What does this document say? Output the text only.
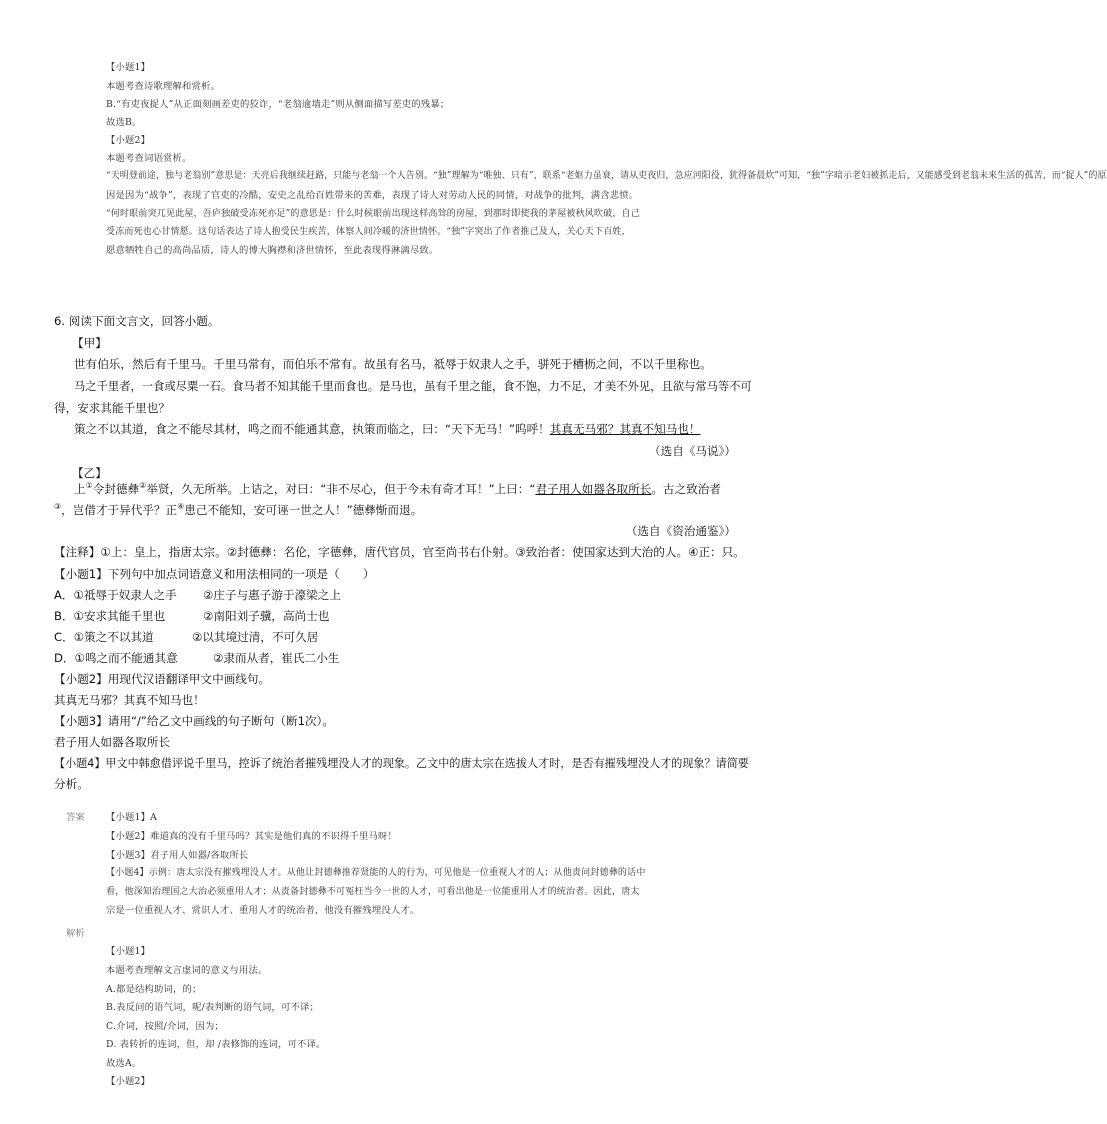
【小题1】
本题考查诗歌理解和赏析。
B.“有吏夜捉人”从正面刻画差吏的狡诈，“老翁逾墙走”则从侧面描写差吏的残暴；
故选B。
【小题2】
本题考查词语赏析。
“天明登前途，独与老翁别”意思是：天亮后我继续赶路，只能与老翁一个人告别。“独”理解为“唯独、只有”，联系“老妪力虽衰，请从吏夜归，急应河阳役，犹得备晨炊”可知，“独”字暗示老妇被抓走后，又能感受到老翁未来生活的孤苦，而“捉人”的原
因是因为“战争”，表现了官吏的冷酷，安史之乱给百姓带来的苦难，表现了诗人对劳动人民的同情，对战争的批判，满含悲愤。
“何时眼前突兀见此屋，吾庐独破受冻死亦足”的意思是：什么时候眼前出现这样高耸的房屋，到那时即使我的茅屋被秋风吹破，自己
受冻而死也心甘情愿。这句话表达了诗人抱受民生疾苦，体察人间冷暖的济世情怀。“独”字突出了作者推己及人，关心天下百姓，
愿意牺牲自己的高尚品质，诗人的博大胸襟和济世情怀，至此表现得淋漓尽致。
6. 阅读下面文言文，回答小题。
【甲】
世有伯乐，然后有千里马。千里马常有，而伯乐不常有。故虽有名马，祗辱于奴隶人之手，骈死于槽枥之间，不以千里称也。
马之千里者，一食或尽粟一石。食马者不知其能千里而食也。是马也，虽有千里之能，食不饱，力不足，才美不外见，且欲与常马等不可
得，安求其能千里也？
策之不以其道，食之不能尽其材，鸣之而不能通其意，执策而临之，曰：“天下无马！”呜呼！其真无马邪？其真不知马也！
（选自《马说》）
【乙】
上①令封德彝②举贤，久无所举。上诘之，对曰：“非不尽心，但于今未有奇才耳！”上曰：“君子用人如器各取所长。古之致治者
③，岂借才于异代乎？正④患己不能知，安可诬一世之人！”德彝惭而退。
（选自《资治通鉴》）
【注释】①上：皇上，指唐太宗。②封德彝：名伦，字德彝，唐代官员，官至尚书右仆射。③致治者：使国家达到大治的人。④正：只。
【小题1】下列句中加点词语意义和用法相同的一项是（　　）
A．①祗辱于奴隶人之手 ②庄子与惠子游于濠梁之上
B．①安求其能千里也	②南阳刘子骥，高尚士也
C．①策之不以其道	②以其境过清，不可久居
D．①鸣之而不能通其意	②隶而从者，崔氏二小生
【小题2】用现代汉语翻译甲文中画线句。
其真无马邪？其真不知马也！
【小题3】请用“/”给乙文中画线的句子断句（断1次）。
君子用人如器各取所长
【小题4】甲文中韩愈借评说千里马，控诉了统治者摧残埋没人才的现象。乙文中的唐太宗在选拔人才时，是否有摧残埋没人才的现象？请简要
分析。
答案 【小题1】A
【小题2】难道真的没有千里马吗？其实是他们真的不识得千里马呀！
【小题3】君子用人如器/各取所长
【小题4】示例：唐太宗没有摧残埋没人才。从他让封德彝推荐贤能的人的行为，可见他是一位重视人才的人；从他责问封德彝的话中
看，他深知治理国之大治必须重用人才；从责备封德彝不可冤枉当今一世的人才，可看出他是一位能重用人才的统治者。因此，唐太
宗是一位重视人才、赏识人才、重用人才的统治者，他没有摧残埋没人才。
解析
【小题1】
本题考查理解文言虚词的意义与用法。
A.都是结构助词，的；
B.表反问的语气词，呢/表判断的语气词，可不译；
C.介词，按照/介词，因为；
D. 表转折的连词，但，却 /表修饰的连词，可不译。
故选A。
【小题2】
